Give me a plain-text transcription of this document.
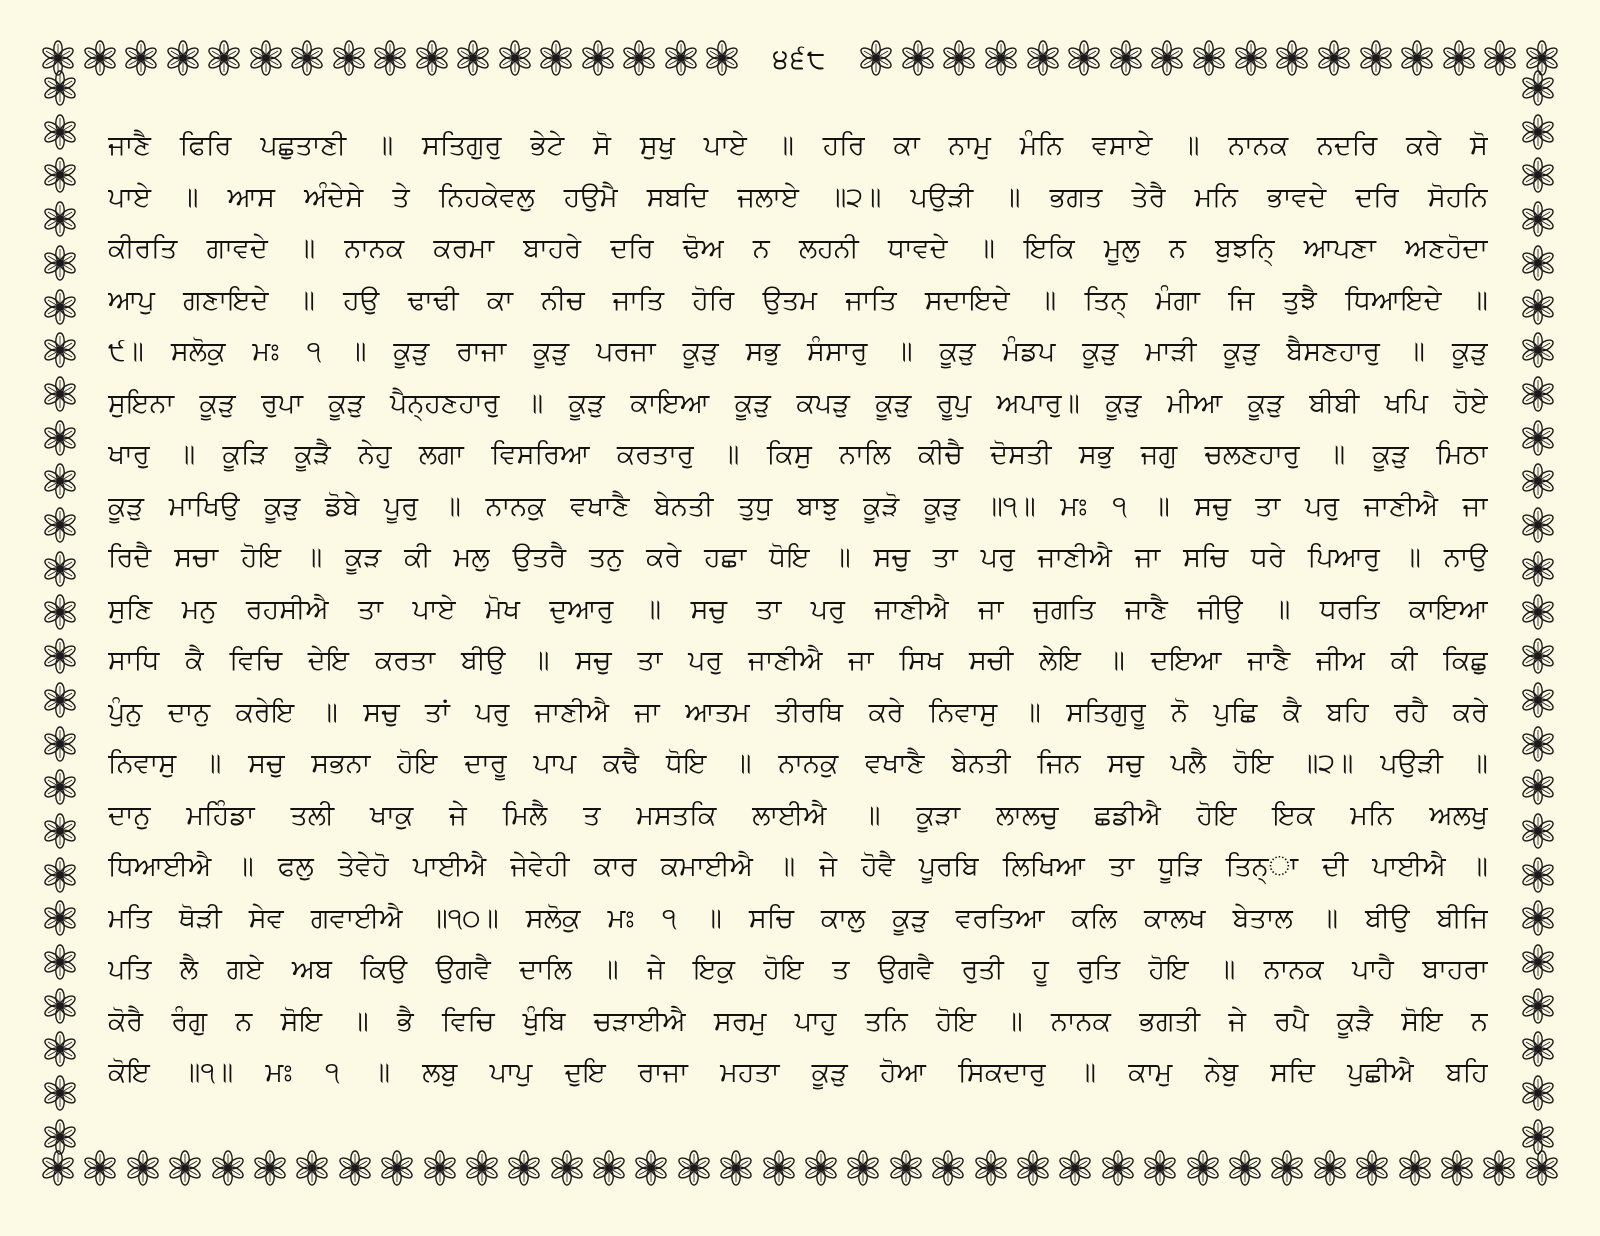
੪੬੮
ਜਾਣੈ ਫਿਰਿ ਪਛੁਤਾਣੀ ॥ ਸਤਿਗੁਰੁ ਭੇਟੇ ਸੋ ਸੁਖੁ ਪਾਏ ॥ ਹਰਿ ਕਾ ਨਾਮੁ ਮੰਨਿ ਵਸਾਏ ॥ ਨਾਨਕ ਨਦਰਿ ਕਰੇ ਸੋ
ਪਾਏ ॥ ਆਸ ਅੰਦੇਸੇ ਤੇ ਨਿਹਕੇਵਲੁ ਹਉਮੈ ਸਬਦਿ ਜਲਾਏ ॥੨॥ ਪਉੜੀ ॥ ਭਗਤ ਤੇਰੈ ਮਨਿ ਭਾਵਦੇ ਦਰਿ ਸੋਹਨਿ
ਕੀਰਤਿ ਗਾਵਦੇ ॥ ਨਾਨਕ ਕਰਮਾ ਬਾਹਰੇ ਦਰਿ ਢੋਅ ਨ ਲਹਨੀ ਧਾਵਦੇ ॥ ਇਕਿ ਮੂਲੁ ਨ ਬੁਝਨਿ੍ ਆਪਣਾ ਅਣਹੋਦਾ
ਆਪੁ ਗਣਾਇਦੇ ॥ ਹਉ ਢਾਢੀ ਕਾ ਨੀਚ ਜਾਤਿ ਹੋਰਿ ਉਤਮ ਜਾਤਿ ਸਦਾਇਦੇ ॥ ਤਿਨ੍ ਮੰਗਾ ਜਿ ਤੁਝੈ ਧਿਆਇਦੇ ॥
੯॥ ਸਲੋਕੁ ਮਃ ੧ ॥ ਕੂੜੁ ਰਾਜਾ ਕੂੜੁ ਪਰਜਾ ਕੂੜੁ ਸਭੁ ਸੰਸਾਰੁ ॥ ਕੂੜੁ ਮੰਡਪ ਕੂੜੁ ਮਾੜੀ ਕੂੜੁ ਬੈਸਣਹਾਰੁ ॥ ਕੂੜੁ
ਸੁਇਨਾ ਕੂੜੁ ਰੁਪਾ ਕੂੜੁ ਪੈਨ੍ਹਣਹਾਰੁ ॥ ਕੂੜੁ ਕਾਇਆ ਕੂੜੁ ਕਪੜੁ ਕੂੜੁ ਰੂਪੁ ਅਪਾਰੁ॥ ਕੂੜੁ ਮੀਆ ਕੂੜੁ ਬੀਬੀ ਖਪਿ ਹੋਏ
ਖਾਰੁ ॥ ਕੂੜਿ ਕੂੜੈ ਨੇਹੁ ਲਗਾ ਵਿਸਰਿਆ ਕਰਤਾਰੁ ॥ ਕਿਸੁ ਨਾਲਿ ਕੀਚੈ ਦੋਸਤੀ ਸਭੁ ਜਗੁ ਚਲਣਹਾਰੁ ॥ ਕੂੜੁ ਮਿਠਾ
ਕੂੜੁ ਮਾਖਿਉ ਕੂੜੁ ਡੋਬੇ ਪੂਰੁ ॥ ਨਾਨਕੁ ਵਖਾਣੈ ਬੇਨਤੀ ਤੁਧੁ ਬਾਝੁ ਕੂੜੋ ਕੂੜੁ ॥੧॥ ਮਃ ੧ ॥ ਸਚੁ ਤਾ ਪਰੁ ਜਾਣੀਐ ਜਾ
ਰਿਦੈ ਸਚਾ ਹੋਇ ॥ ਕੂੜ ਕੀ ਮਲੁ ਉਤਰੈ ਤਨੁ ਕਰੇ ਹਛਾ ਧੋਇ ॥ ਸਚੁ ਤਾ ਪਰੁ ਜਾਣੀਐ ਜਾ ਸਚਿ ਧਰੇ ਪਿਆਰੁ ॥ ਨਾਉ
ਸੁਣਿ ਮਨੁ ਰਹਸੀਐ ਤਾ ਪਾਏ ਮੋਖ ਦੁਆਰੁ ॥ ਸਚੁ ਤਾ ਪਰੁ ਜਾਣੀਐ ਜਾ ਜੁਗਤਿ ਜਾਣੈ ਜੀਉ ॥ ਧਰਤਿ ਕਾਇਆ
ਸਾਧਿ ਕੈ ਵਿਚਿ ਦੇਇ ਕਰਤਾ ਬੀਉ ॥ ਸਚੁ ਤਾ ਪਰੁ ਜਾਣੀਐ ਜਾ ਸਿਖ ਸਚੀ ਲੇਇ ॥ ਦਇਆ ਜਾਣੈ ਜੀਅ ਕੀ ਕਿਛੁ
ਪੁੰਨੁ ਦਾਨੁ ਕਰੇਇ ॥ ਸਚੁ ਤਾਂ ਪਰੁ ਜਾਣੀਐ ਜਾ ਆਤਮ ਤੀਰਥਿ ਕਰੇ ਨਿਵਾਸੁ ॥ ਸਤਿਗੁਰੂ ਨੋ ਪੁਛਿ ਕੈ ਬਹਿ ਰਹੈ ਕਰੇ
ਨਿਵਾਸੁ ॥ ਸਚੁ ਸਭਨਾ ਹੋਇ ਦਾਰੂ ਪਾਪ ਕਢੈ ਧੋਇ ॥ ਨਾਨਕੁ ਵਖਾਣੈ ਬੇਨਤੀ ਜਿਨ ਸਚੁ ਪਲੈ ਹੋਇ ॥੨॥ ਪਉੜੀ ॥
ਦਾਨੁ ਮਹਿੰਡਾ ਤਲੀ ਖਾਕੁ ਜੇ ਮਿਲੈ ਤ ਮਸਤਕਿ ਲਾਈਐ ॥ ਕੂੜਾ ਲਾਲਚੁ ਛਡੀਐ ਹੋਇ ਇਕ ਮਨਿ ਅਲਖੁ
ਧਿਆਈਐ ॥ ਫਲੁ ਤੇਵੇਹੋ ਪਾਈਐ ਜੇਵੇਹੀ ਕਾਰ ਕਮਾਈਐ ॥ ਜੇ ਹੋਵੈ ਪੂਰਬਿ ਲਿਖਿਆ ਤਾ ਧੂੜਿ ਤਿਨ੍ਾ ਦੀ ਪਾਈਐ ॥
ਮਤਿ ਥੋੜੀ ਸੇਵ ਗਵਾਈਐ ॥੧੦॥ ਸਲੋਕੁ ਮਃ ੧ ॥ ਸਚਿ ਕਾਲੁ ਕੂੜੁ ਵਰਤਿਆ ਕਲਿ ਕਾਲਖ ਬੇਤਾਲ ॥ ਬੀਉ ਬੀਜਿ
ਪਤਿ ਲੈ ਗਏ ਅਬ ਕਿਉ ਉਗਵੈ ਦਾਲਿ ॥ ਜੇ ਇਕੁ ਹੋਇ ਤ ਉਗਵੈ ਰੁਤੀ ਹੂ ਰੁਤਿ ਹੋਇ ॥ ਨਾਨਕ ਪਾਹੈ ਬਾਹਰਾ
ਕੋਰੈ ਰੰਗੁ ਨ ਸੋਇ ॥ ਭੈ ਵਿਚਿ ਖੁੰਬਿ ਚੜਾਈਐ ਸਰਮੁ ਪਾਹੁ ਤਨਿ ਹੋਇ ॥ ਨਾਨਕ ਭਗਤੀ ਜੇ ਰਪੈ ਕੂੜੈ ਸੋਇ ਨ
ਕੋਇ ॥੧॥ ਮਃ ੧ ॥ ਲਬੁ ਪਾਪੁ ਦੁਇ ਰਾਜਾ ਮਹਤਾ ਕੂੜੁ ਹੋਆ ਸਿਕਦਾਰੁ ॥ ਕਾਮੁ ਨੇਬੁ ਸਦਿ ਪੁਛੀਐ ਬਹਿ
